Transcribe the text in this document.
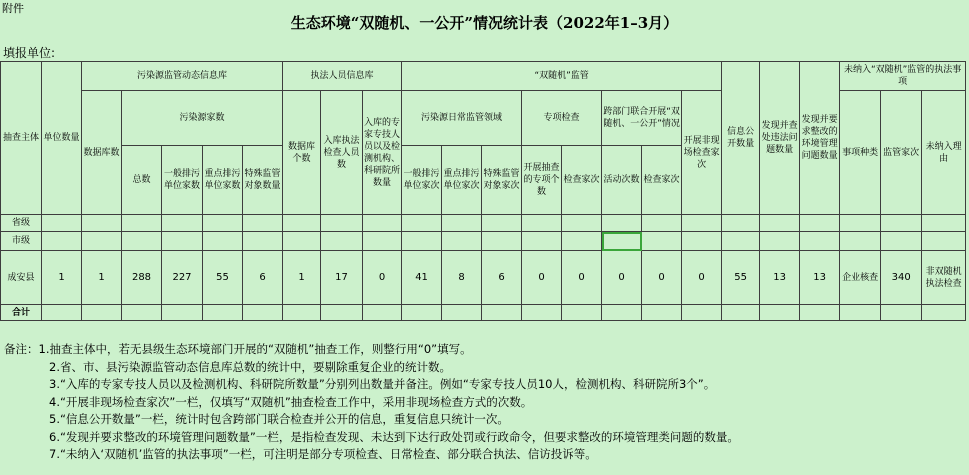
附件
生态环境“双随机、一公开”情况统计表（2022年1–3月）
填报单位:
抽查主体	单位数量	污染源监管动态信息库					执法人员信息库			“双随机”监管								信息公开数量	发现并查处违法问题数量	发现并要求整改的环境管理问题数量	未纳入“双随机”监管的执法事项			
		数据库数	污染源家数				数据库个数	入库执法检查人员数	入库的专家专技人员以及检测机构、科研院所数量	污染源日常监管领域			专项检查		跨部门联合开展“双随机、一公开”情况		开展非现场检查家次				事项种类	监管家次	未纳入理由	

			总数	一般排污单位家数	重点排污单位家数	特殊监管对象数量				一般排污单位家次	重点排污单位家次	特殊监管对象家次	开展抽查的专项个数	检查家次	活动次数	检查家次								
省级																								
市级																								
成安县	1	1	288	227	55	6	1	17	0	41	8	6	0	0	0	0	0	55	13	13	企业核查	340	非双随机执法检查	
合计																								
备注：1.抽查主体中，若无县级生态环境部门开展的“双随机”抽查工作，则整行用“0”填写。
2.省、市、县污染源监管动态信息库总数的统计中，要剔除重复企业的统计数。
3.“入库的专家专技人员以及检测机构、科研院所数量”分别列出数量并备注。例如“专家专技人员10人，检测机构、科研院所3个”。
4.“开展非现场检查家次”一栏，仅填写“双随机”抽查检查工作中，采用非现场检查方式的次数。
5.“信息公开数量”一栏，统计时包含跨部门联合检查并公开的信息，重复信息只统计一次。
6.“发现并要求整改的环境管理问题数量”一栏，是指检查发现、未达到下达行政处罚或行政命令，但要求整改的环境管理类问题的数量。
7.“未纳入‘双随机’监管的执法事项”一栏，可注明是部分专项检查、日常检查、部分联合执法、信访投诉等。
